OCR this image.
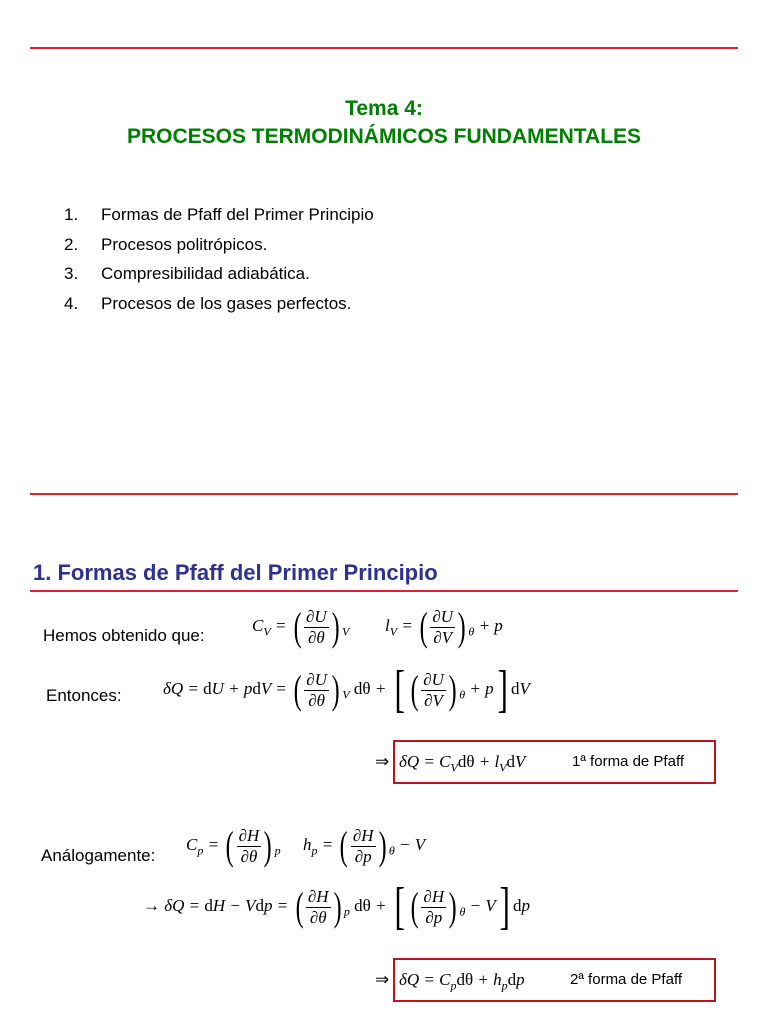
Tema 4:
PROCESOS TERMODINÁMICOS FUNDAMENTALES
1. Formas de Pfaff del Primer Principio
2. Procesos politrópicos.
3. Compresibilidad adiabática.
4. Procesos de los gases perfectos.
1. Formas de Pfaff del Primer Principio
Hemos obtenido que:
$C_V$ = ( $\frac{\partial U}{\partial\theta}$ ) $_V$ $l_V$ = ( $\frac{\partial U}{\partial V}$ ) $_\theta$ + p
Entonces: δQ = dU + pdV = ( $\frac{\partial U}{\partial\theta}$ ) $_V$ dθ + [ ( $\frac{\partial U}{\partial V}$ ) $_\theta$ + p] dV
⇒ $\delta Q = C_Vd\theta + l_VdV$	1ª forma de Pfaff
Análogamente:
$C_p$ = ( $\frac{\partial H}{\partial\theta}$ ) $_p$ $h_p$ = ( $\frac{\partial H}{\partial p}$ ) $_\theta$ − V
→ δQ = dH − Vdp = ( $\frac{\partial H}{\partial\theta}$ ) $_p$ dθ + [ ( $\frac{\partial H}{\partial p}$ ) $_\theta$ − V] dp
⇒ $\delta Q = C_pd\theta + h_pdp$	2ª forma de Pfaff
